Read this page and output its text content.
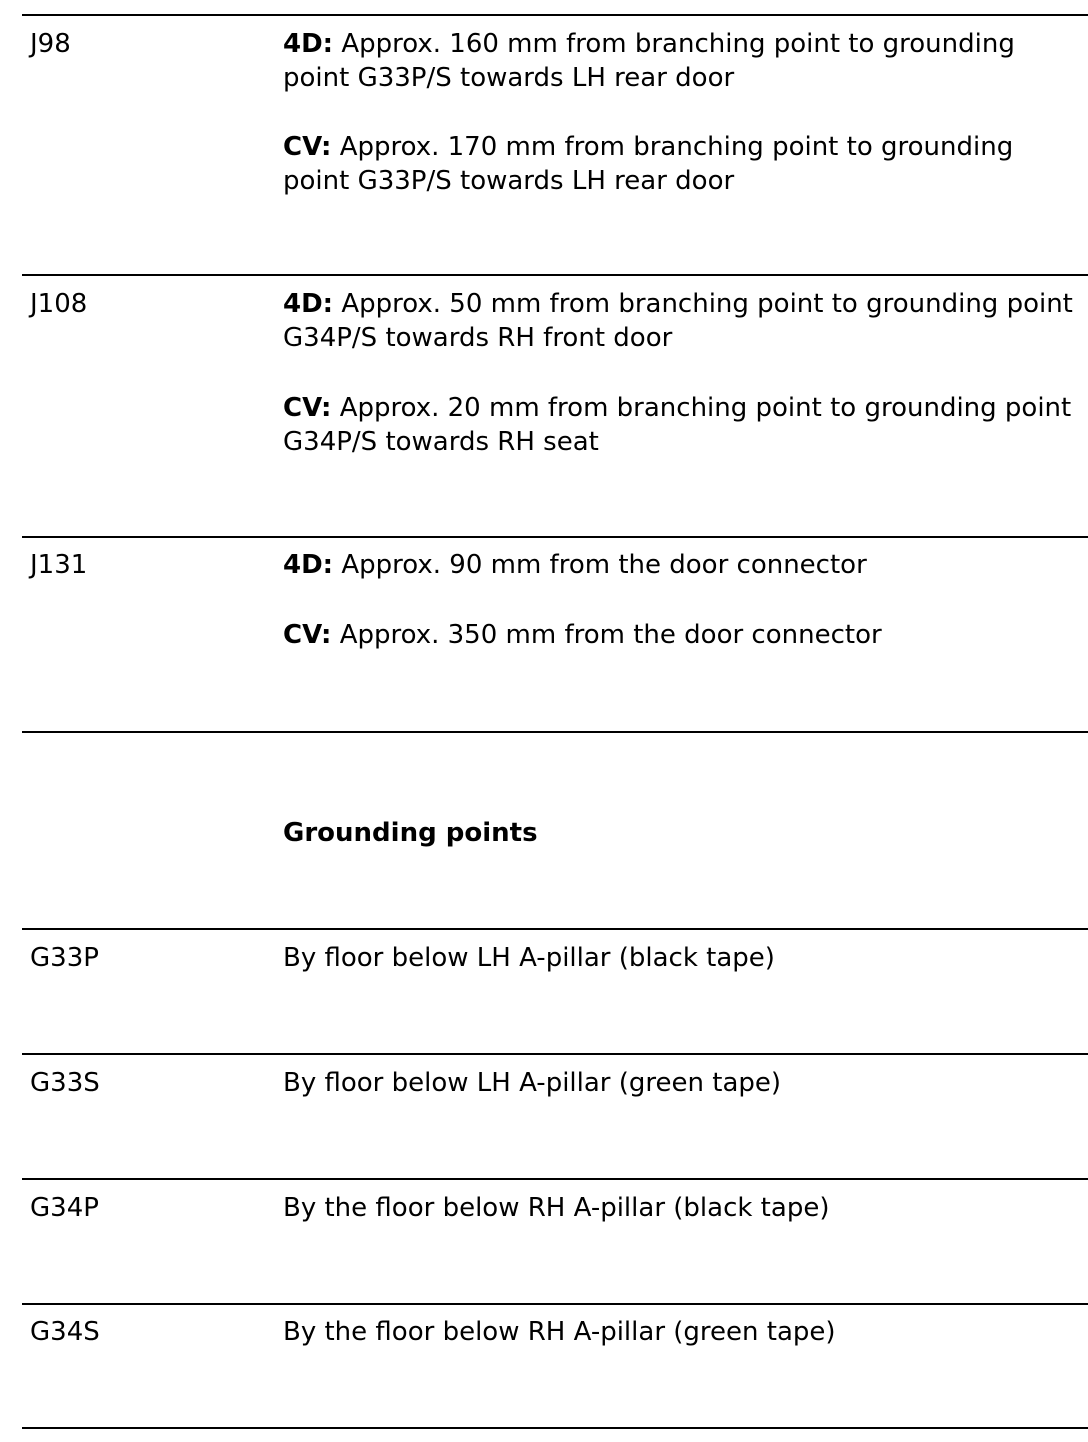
J98	4D: Approx. 160 mm from branching point to grounding point G33P/S towards LH rear door
CV: Approx. 170 mm from branching point to grounding point G33P/S towards LH rear door
J108	4D: Approx. 50 mm from branching point to grounding point G34P/S towards RH front door
CV: Approx. 20 mm from branching point to grounding point G34P/S towards RH seat
J131	4D: Approx. 90 mm from the door connector
CV: Approx. 350 mm from the door connector
Grounding points
G33P	By floor below LH A-pillar (black tape)
G33S	By floor below LH A-pillar (green tape)
G34P	By the floor below RH A-pillar (black tape)
G34S	By the floor below RH A-pillar (green tape)
